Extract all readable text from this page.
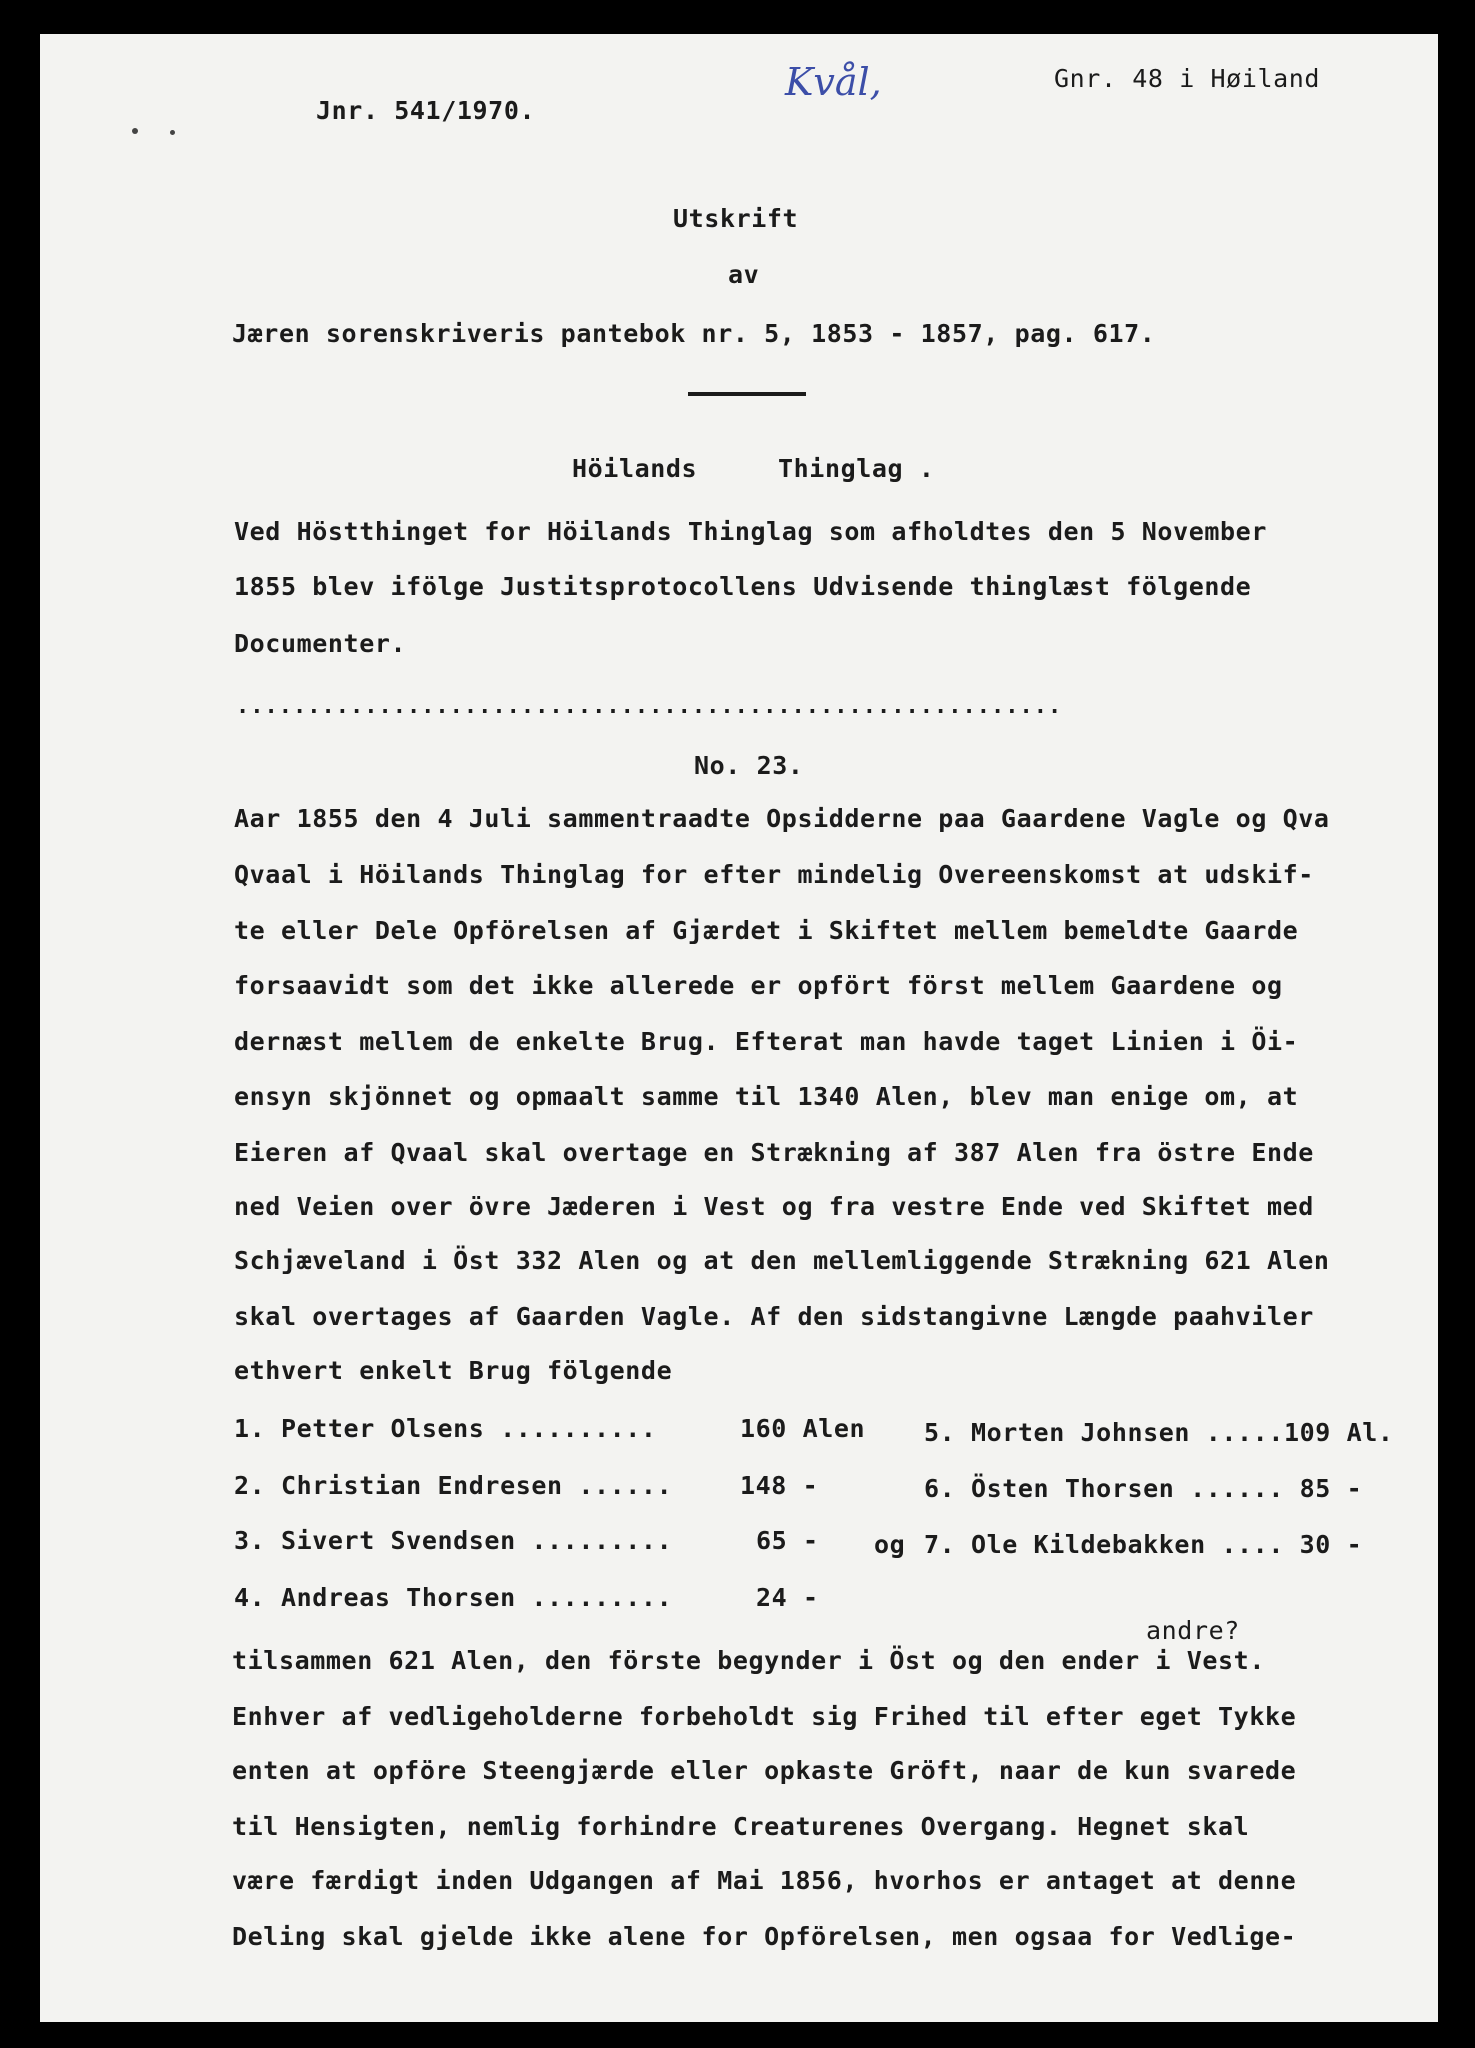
Jnr. 541/1970.
Kvål,	Gnr. 48 i Høiland
Utskrift
av
Jæren sorenskriveris pantebok nr. 5, 1853 - 1857, pag. 617.
Höilands	Thinglag .
Ved Höstthinget for Höilands Thinglag som afholdtes den 5 November
1855 blev ifölge Justitsprotocollens Udvisende thinglæst fölgende
Documenter.
..........................................................
No. 23.
Aar 1855 den 4 Juli sammentraadte Opsidderne paa Gaardene Vagle og Qva
Qvaal i Höilands Thinglag for efter mindelig Overeenskomst at udskif-
te eller Dele Opförelsen af Gjærdet i Skiftet mellem bemeldte Gaarde
forsaavidt som det ikke allerede er opfört först mellem Gaardene og
dernæst mellem de enkelte Brug. Efterat man havde taget Linien i Öi-
ensyn skjönnet og opmaalt samme til 1340 Alen, blev man enige om, at
Eieren af Qvaal skal overtage en Strækning af 387 Alen fra östre Ende
ned Veien over övre Jæderen i Vest og fra vestre Ende ved Skiftet med
Schjæveland i Öst 332 Alen og at den mellemliggende Strækning 621 Alen
skal overtages af Gaarden Vagle. Af den sidstangivne Længde paahviler
ethvert enkelt Brug fölgende
1. Petter Olsens ..........	160 Alen 5. Morten Johnsen .....109 Al.
2. Christian Endresen ......	148 -	6. Östen Thorsen ...... 85 -
3. Sivert Svendsen .........	65 - og 7. Ole Kildebakken .... 30 -
4. Andreas Thorsen .........	24 -
andre?
tilsammen 621 Alen, den förste begynder i Öst og den ender i Vest.
Enhver af vedligeholderne forbeholdt sig Frihed til efter eget Tykke
enten at opföre Steengjærde eller opkaste Gröft, naar de kun svarede
til Hensigten, nemlig forhindre Creaturenes Overgang. Hegnet skal
være færdigt inden Udgangen af Mai 1856, hvorhos er antaget at denne
Deling skal gjelde ikke alene for Opförelsen, men ogsaa for Vedlige-
